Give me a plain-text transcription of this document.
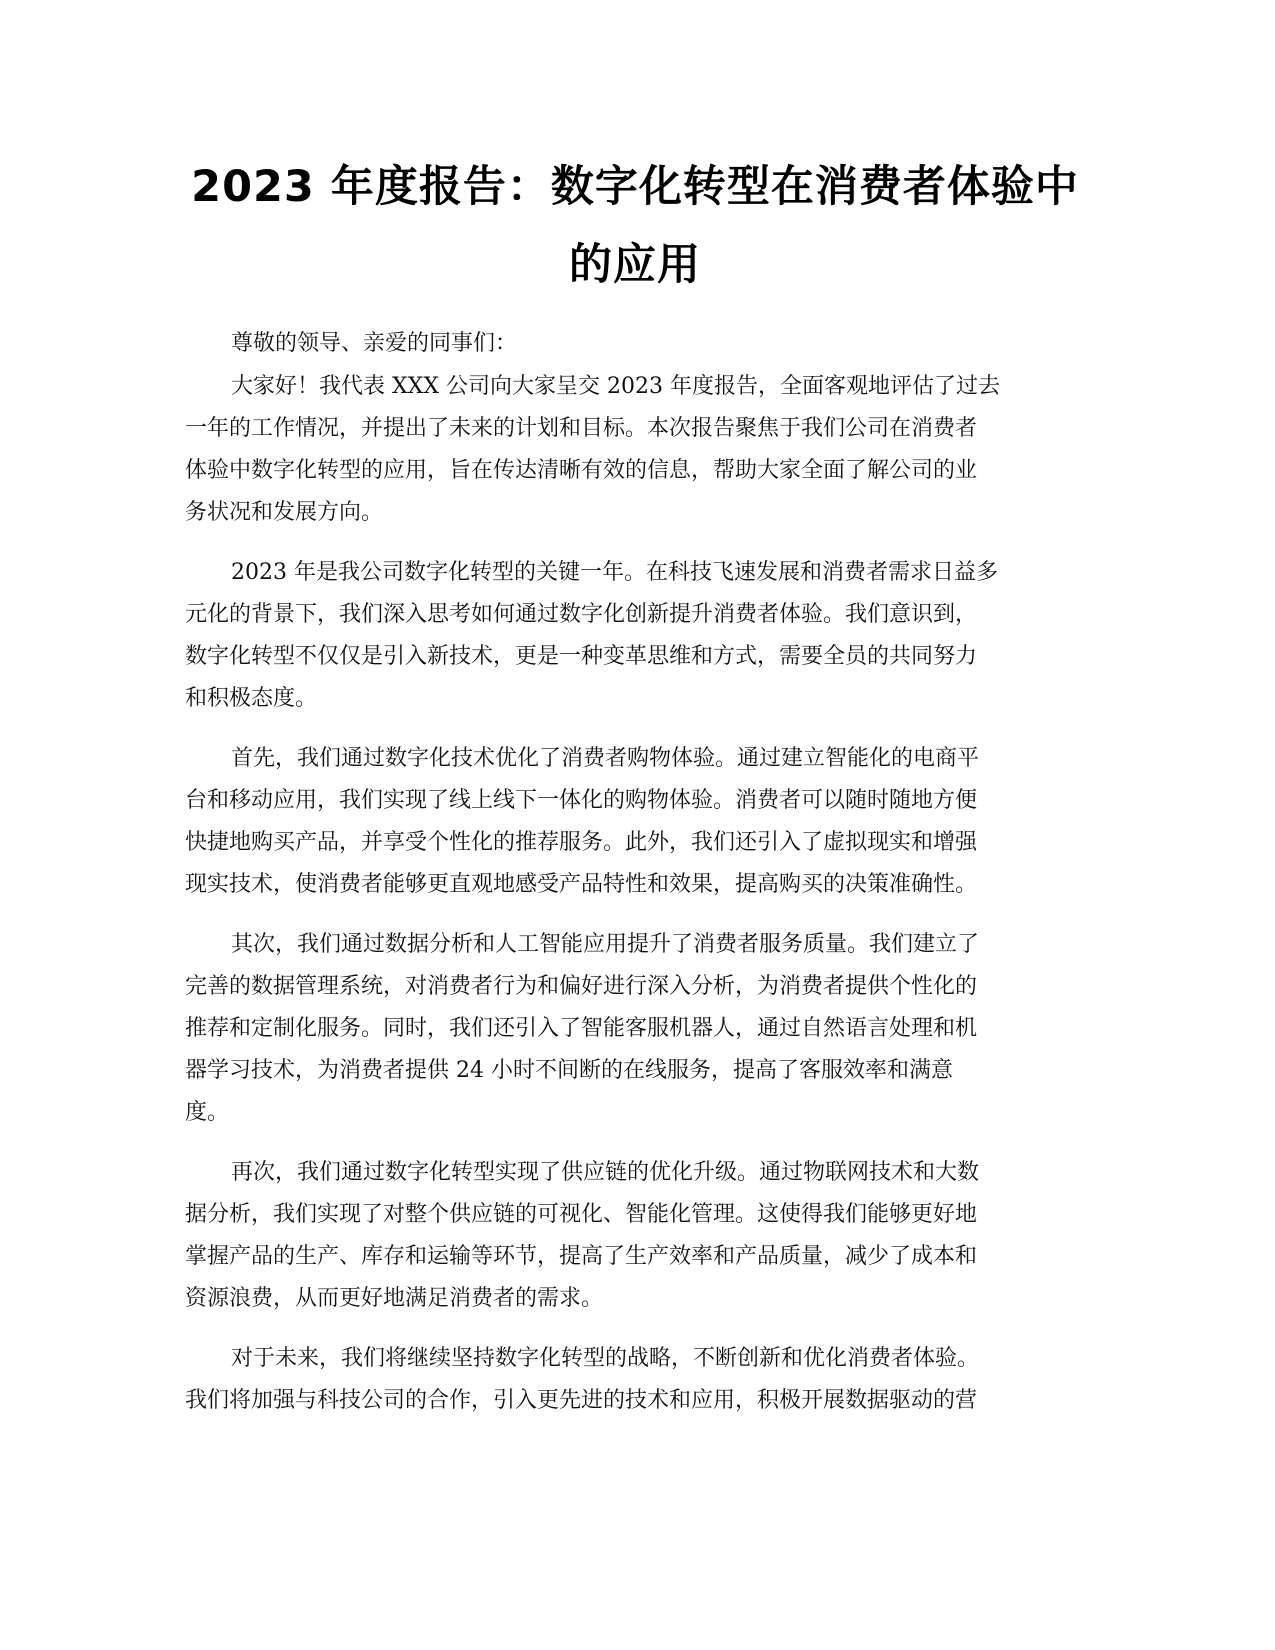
2023 年度报告：数字化转型在消费者体验中
的应用

尊敬的领导、亲爱的同事们：

大家好！我代表 XXX 公司向大家呈交 2023 年度报告，全面客观地评估了过去
一年的工作情况，并提出了未来的计划和目标。本次报告聚焦于我们公司在消费者
体验中数字化转型的应用，旨在传达清晰有效的信息，帮助大家全面了解公司的业
务状况和发展方向。
2023 年是我公司数字化转型的关键一年。在科技飞速发展和消费者需求日益多
元化的背景下，我们深入思考如何通过数字化创新提升消费者体验。我们意识到，
数字化转型不仅仅是引入新技术，更是一种变革思维和方式，需要全员的共同努力
和积极态度。
首先，我们通过数字化技术优化了消费者购物体验。通过建立智能化的电商平
台和移动应用，我们实现了线上线下一体化的购物体验。消费者可以随时随地方便
快捷地购买产品，并享受个性化的推荐服务。此外，我们还引入了虚拟现实和增强
现实技术，使消费者能够更直观地感受产品特性和效果，提高购买的决策准确性。
其次，我们通过数据分析和人工智能应用提升了消费者服务质量。我们建立了
完善的数据管理系统，对消费者行为和偏好进行深入分析，为消费者提供个性化的
推荐和定制化服务。同时，我们还引入了智能客服机器人，通过自然语言处理和机
器学习技术，为消费者提供 24 小时不间断的在线服务，提高了客服效率和满意
度。
再次，我们通过数字化转型实现了供应链的优化升级。通过物联网技术和大数
据分析，我们实现了对整个供应链的可视化、智能化管理。这使得我们能够更好地
掌握产品的生产、库存和运输等环节，提高了生产效率和产品质量，减少了成本和
资源浪费，从而更好地满足消费者的需求。
对于未来，我们将继续坚持数字化转型的战略，不断创新和优化消费者体验。
我们将加强与科技公司的合作，引入更先进的技术和应用，积极开展数据驱动的营
